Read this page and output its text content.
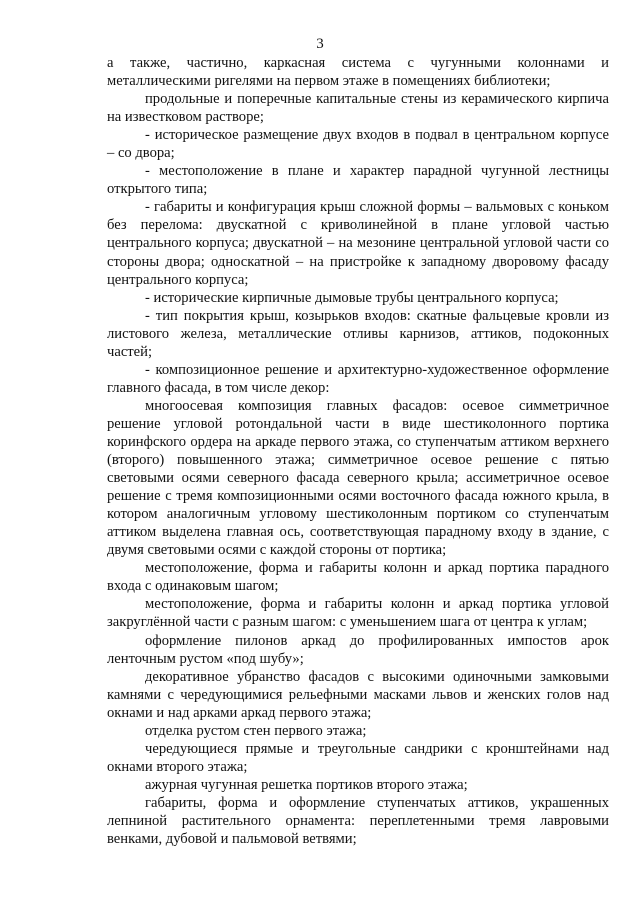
3

а также, частично, каркасная система с чугунными колоннами и металлическими ригелями на первом этаже в помещениях библиотеки;

продольные и поперечные капитальные стены из керамического кирпича на известковом растворе;

- историческое размещение двух входов в подвал в центральном корпусе – со двора;

- местоположение в плане и характер парадной чугунной лестницы открытого типа;

- габариты и конфигурация крыш сложной формы – вальмовых с коньком без перелома: двускатной с криволинейной в плане угловой частью центрального корпуса; двускатной – на мезонине центральной угловой части со стороны двора; односкатной – на пристройке к западному дворовому фасаду центрального корпуса;

- исторические кирпичные дымовые трубы центрального корпуса;

- тип покрытия крыш, козырьков входов: скатные фальцевые кровли из листового железа, металлические отливы карнизов, аттиков, подоконных частей;

- композиционное решение и архитектурно-художественное оформление главного фасада, в том числе декор:

многоосевая композиция главных фасадов: осевое симметричное решение угловой ротондальной части в виде шестиколонного портика коринфского ордера на аркаде первого этажа, со ступенчатым аттиком верхнего (второго) повышенного этажа; симметричное осевое решение с пятью световыми осями северного фасада северного крыла; ассиметричное осевое решение с тремя композиционными осями восточного фасада южного крыла, в котором аналогичным угловому шестиколонным портиком со ступенчатым аттиком выделена главная ось, соответствующая парадному входу в здание, с двумя световыми осями с каждой стороны от портика;

местоположение, форма и габариты колонн и аркад портика парадного входа с одинаковым шагом;

местоположение, форма и габариты колонн и аркад портика угловой закруглённой части с разным шагом: с уменьшением шага от центра к углам;

оформление пилонов аркад до профилированных импостов арок ленточным рустом «под шубу»;

декоративное убранство фасадов с высокими одиночными замковыми камнями с чередующимися рельефными масками львов и женских голов над окнами и над арками аркад первого этажа;

отделка рустом стен первого этажа;

чередующиеся прямые и треугольные сандрики с кронштейнами над окнами второго этажа;

ажурная чугунная решетка портиков второго этажа;

габариты, форма и оформление ступенчатых аттиков, украшенных лепниной растительного орнамента: переплетенными тремя лавровыми венками, дубовой и пальмовой ветвями;
